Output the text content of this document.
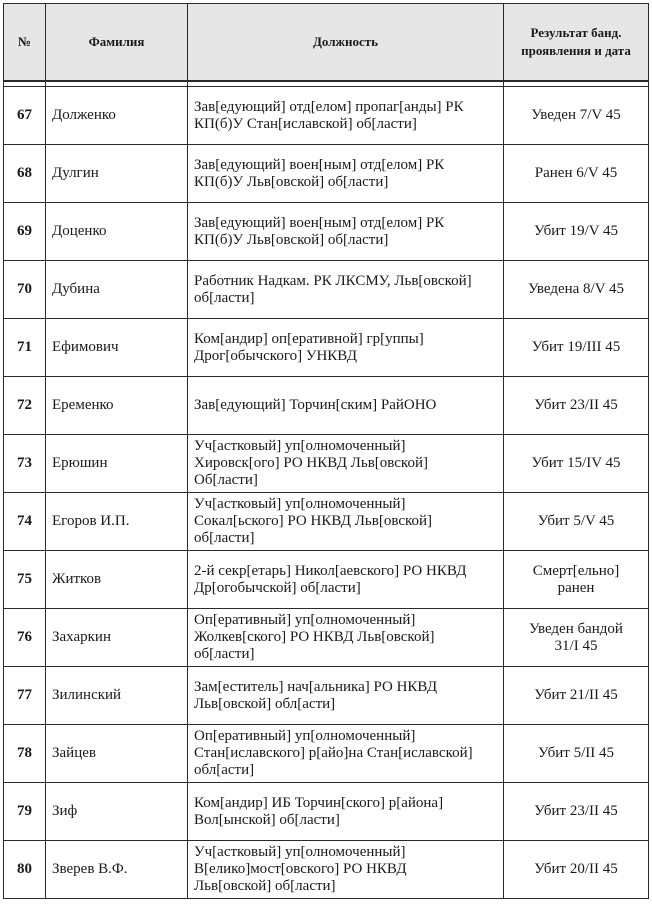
№	Фамилия	Должность	Результат банд.
проявления и дата

67	Долженко	Зав[едующий] отд[елом] пропаг[анды] РК
КП(б)У Стан[иславской] об[ласти]	Уведен 7/V 45
68	Дулгин	Зав[едующий] воен[ным] отд[елом] РК
КП(б)У Льв[овской] об[ласти]	Ранен 6/V 45
69	Доценко	Зав[едующий] воен[ным] отд[елом] РК
КП(б)У Льв[овской] об[ласти]	Убит 19/V 45
70	Дубина	Работник Надкам. РК ЛКСМУ, Льв[овской]
об[ласти]	Уведена 8/V 45
71	Ефимович	Ком[андир] оп[еративной] гр[уппы]
Дрог[обычского] УНКВД	Убит 19/III 45
72	Еременко	Зав[едующий] Торчин[ским] РайОНО	Убит 23/II 45
73	Ерюшин	Уч[астковый] уп[олномоченный]
Хировск[ого] РО НКВД Льв[овской]
Об[ласти]	Убит 15/IV 45
74	Егоров И.П.	Уч[астковый] уп[олномоченный]
Сокал[ьского] РО НКВД Льв[овской]
об[ласти]	Убит 5/V 45
75	Житков	2-й секр[етарь] Никол[аевского] РО НКВД
Др[огобычской] об[ласти]	Смерт[ельно]
ранен
76	Захаркин	Оп[еративный] уп[олномоченный]
Жолкев[ского] РО НКВД Льв[овской]
об[ласти]	Уведен бандой
31/I 45
77	Зилинский	Зам[еститель] нач[альника] РО НКВД
Льв[овской] обл[асти]	Убит 21/II 45
78	Зайцев	Оп[еративный] уп[олномоченный]
Стан[иславского] р[айо]на Стан[иславской]
обл[асти]	Убит 5/II 45
79	Зиф	Ком[андир] ИБ Торчин[ского] р[айона]
Вол[ынской] об[ласти]	Убит 23/II 45
80	Зверев В.Ф.	Уч[астковый] уп[олномоченный]
В[елико]мост[овского] РО НКВД
Льв[овской] об[ласти]	Убит 20/II 45
